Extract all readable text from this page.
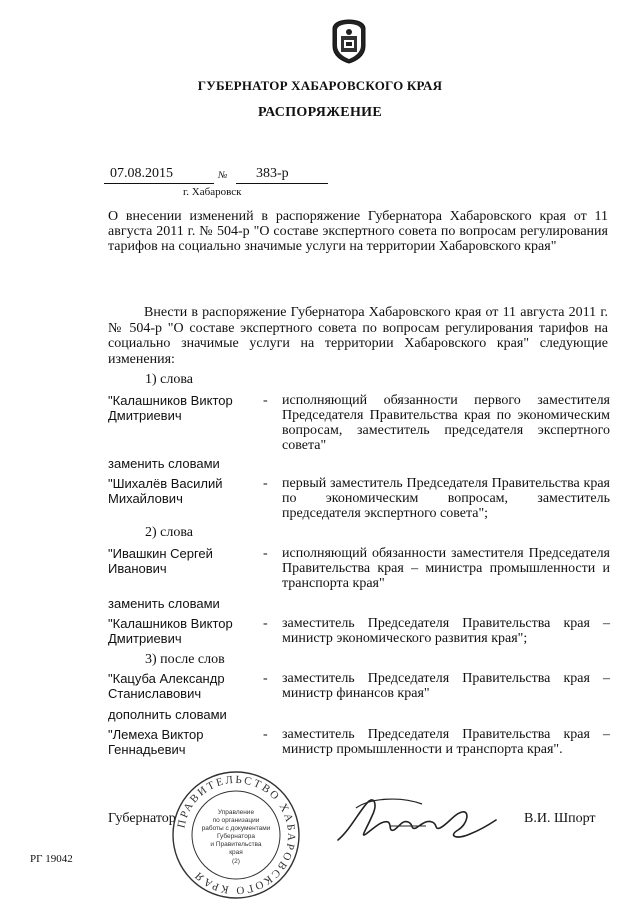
ГУБЕРНАТОР ХАБАРОВСКОГО КРАЯ
РАСПОРЯЖЕНИЕ
07.08.2015	№ 383-р
г. Хабаровск
О внесении изменений в распоряжение Губернатора Хабаровского края от 11 августа 2011 г. № 504-р "О составе экспертного совета по вопросам регулирования тарифов на социально значимые услуги на территории Хабаровского края"
Внести в распоряжение Губернатора Хабаровского края от 11 августа 2011 г. № 504-р "О составе экспертного совета по вопросам регулирования тарифов на социально значимые услуги на территории Хабаровского края" следующие изменения:
1) слова
"Калашников Виктор Дмитриевич
- исполняющий обязанности первого заместителя Председателя Правительства края по экономическим вопросам, заместитель председателя экспертного совета"
заменить словами
"Шихалёв Василий Михайлович
- первый заместитель Председателя Правительства края по экономическим вопросам, заместитель председателя экспертного совета";
2) слова
"Ивашкин Сергей Иванович
- исполняющий обязанности заместителя Председателя Правительства края – министра промышленности и транспорта края"
заменить словами
"Калашников Виктор Дмитриевич
- заместитель Председателя Правительства края – министр экономического развития края";
3) после слов
"Кацуба Александр Станиславович
- заместитель Председателя Правительства края – министр финансов края"
дополнить словами
"Лемеха Виктор Геннадьевич
- заместитель Председателя Правительства края – министр промышленности и транспорта края".
Губернатор	В.И. Шпорт
РГ 19042
ПРАВИТЕЛЬСТВО ХАБАРОВСКОГО КРАЯ
Управление
по организации
работы с документами
Губернатора
и Правительства
края
(2)
